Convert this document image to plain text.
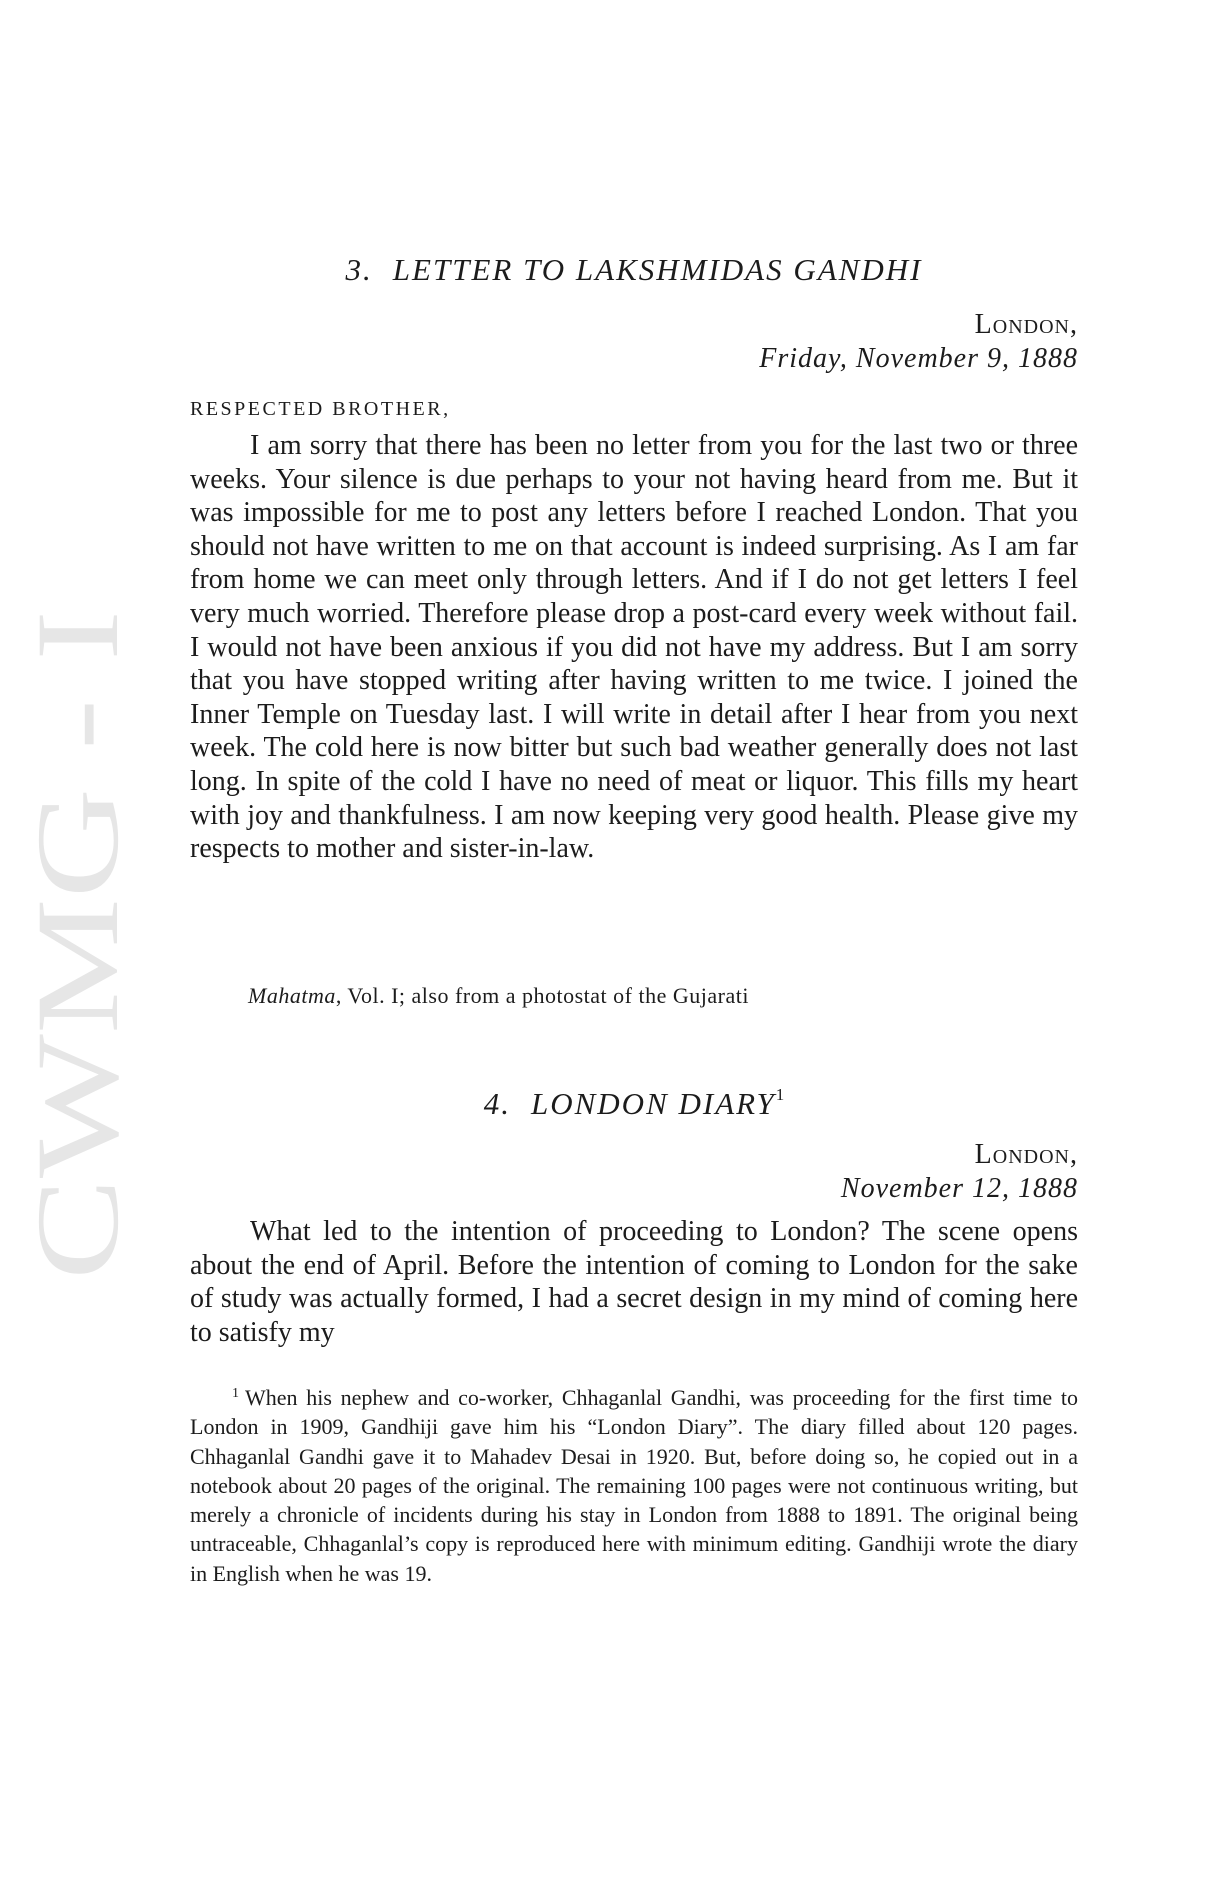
CWMG - I
3. LETTER TO LAKSHMIDAS GANDHI
London,
Friday, November 9, 1888
RESPECTED BROTHER,

I am sorry that there has been no letter from you for the last two or three weeks. Your silence is due perhaps to your not having heard from me. But it was impossible for me to post any letters before I reached London. That you should not have written to me on that account is indeed surprising. As I am far from home we can meet only through letters. And if I do not get letters I feel very much worried. Therefore please drop a post-card every week without fail. I would not have been anxious if you did not have my address. But I am sorry that you have stopped writing after having written to me twice. I joined the Inner Temple on Tuesday last. I will write in detail after I hear from you next week. The cold here is now bitter but such bad weather generally does not last long. In spite of the cold I have no need of meat or liquor. This fills my heart with joy and thankfulness. I am now keeping very good health. Please give my respects to mother and sister-in-law.

Mahatma, Vol. I; also from a photostat of the Gujarati
4. LONDON DIARY$^1$
London,
November 12, 1888

What led to the intention of proceeding to London? The scene opens about the end of April. Before the intention of coming to London for the sake of study was actually formed, I had a secret design in my mind of coming here to satisfy my

$^1$ When his nephew and co-worker, Chhaganlal Gandhi, was proceeding for the first time to London in 1909, Gandhiji gave him his “London Diary”. The diary filled about 120 pages. Chhaganlal Gandhi gave it to Mahadev Desai in 1920. But, before doing so, he copied out in a notebook about 20 pages of the original. The remaining 100 pages were not continuous writing, but merely a chronicle of incidents during his stay in London from 1888 to 1891. The original being untraceable, Chhaganlal’s copy is reproduced here with minimum editing. Gandhiji wrote the diary in English when he was 19.
